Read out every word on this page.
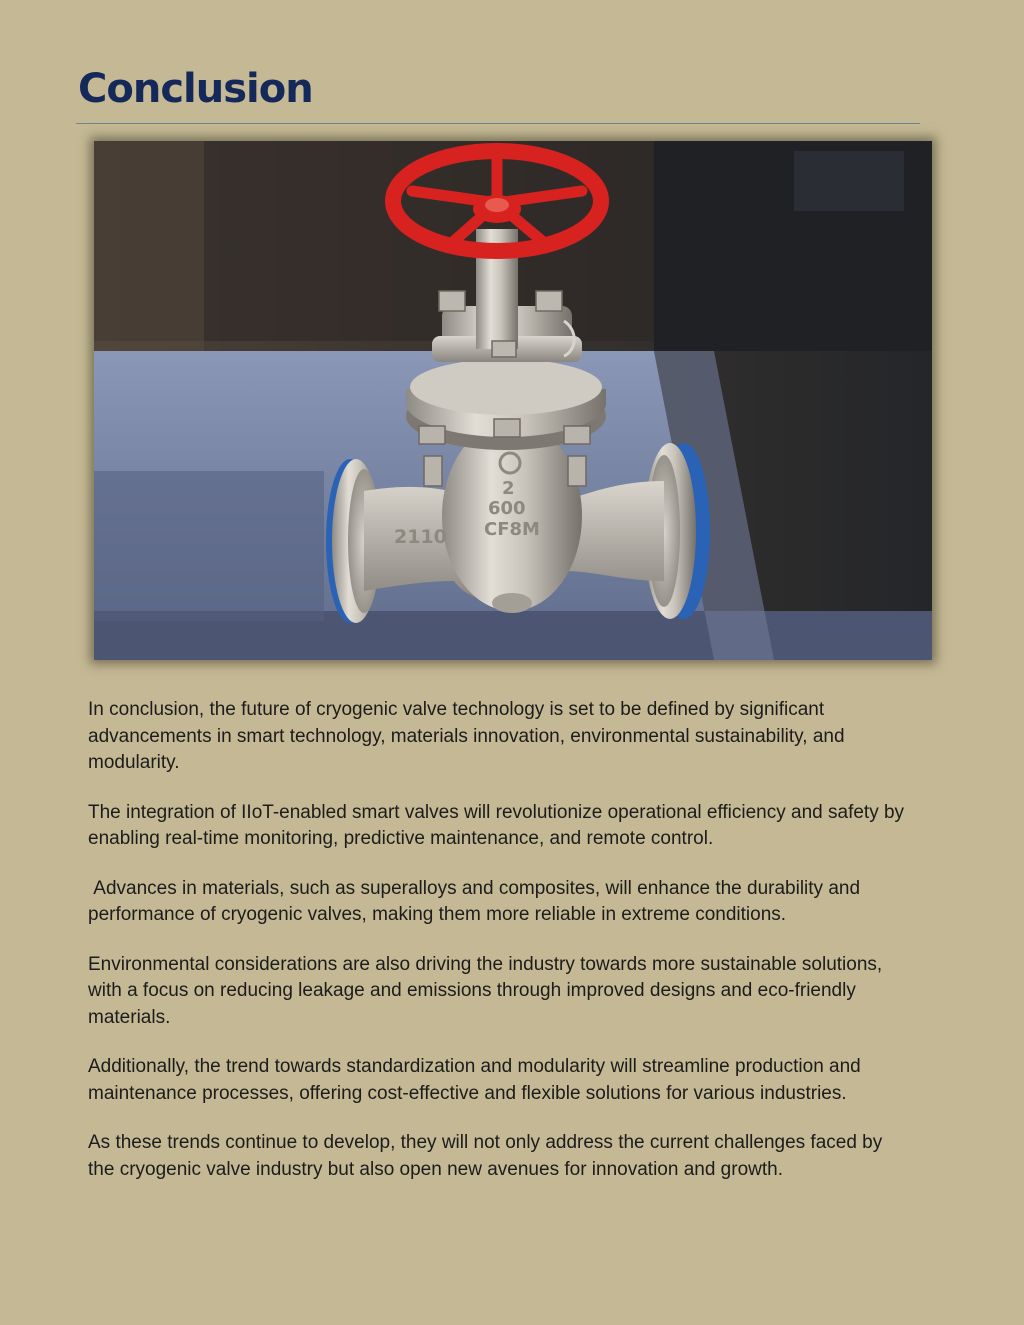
Conclusion
2
600
CF8M
2110

In conclusion, the future of cryogenic valve technology is set to be defined by significant advancements in smart technology, materials innovation, environmental sustainability, and modularity.

The integration of IIoT-enabled smart valves will revolutionize operational efficiency and safety by enabling real-time monitoring, predictive maintenance, and remote control.

Advances in materials, such as superalloys and composites, will enhance the durability and performance of cryogenic valves, making them more reliable in extreme conditions.

Environmental considerations are also driving the industry towards more sustainable solutions, with a focus on reducing leakage and emissions through improved designs and eco-friendly materials.

Additionally, the trend towards standardization and modularity will streamline production and maintenance processes, offering cost-effective and flexible solutions for various industries.

As these trends continue to develop, they will not only address the current challenges faced by the cryogenic valve industry but also open new avenues for innovation and growth.
